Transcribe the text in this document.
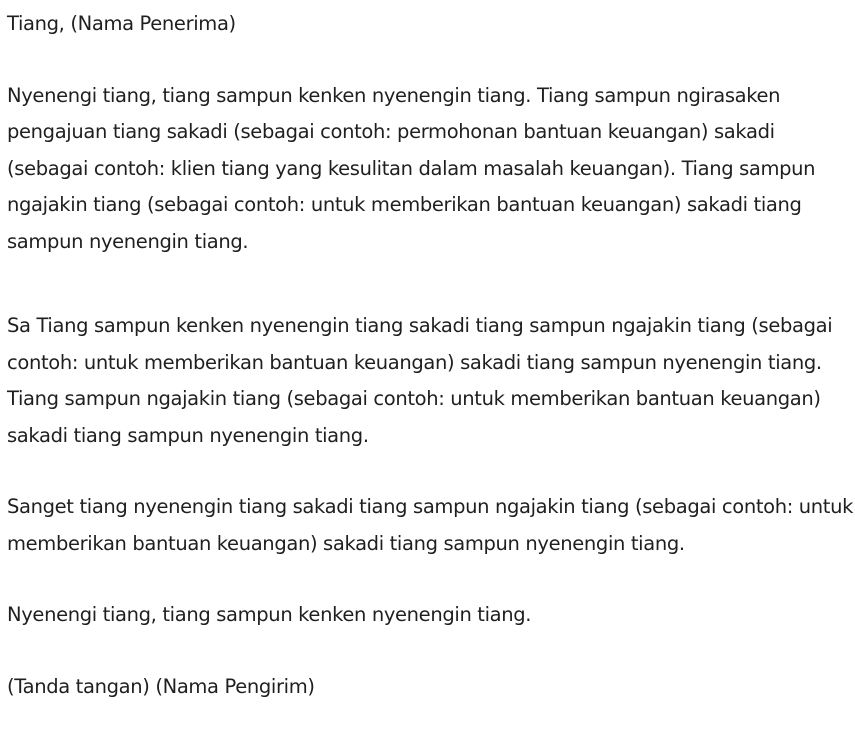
Tiang, (Nama Penerima)

Nyenengi tiang, tiang sampun kenken nyenengin tiang. Tiang sampun ngirasaken pengajuan tiang sakadi (sebagai contoh: permohonan bantuan keuangan) sakadi (sebagai contoh: klien tiang yang kesulitan dalam masalah keuangan). Tiang sampun ngajakin tiang (sebagai contoh: untuk memberikan bantuan keuangan) sakadi tiang sampun nyenengin tiang.

Sa Tiang sampun kenken nyenengin tiang sakadi tiang sampun ngajakin tiang (sebagai contoh: untuk memberikan bantuan keuangan) sakadi tiang sampun nyenengin tiang. Tiang sampun ngajakin tiang (sebagai contoh: untuk memberikan bantuan keuangan) sakadi tiang sampun nyenengin tiang.

Sanget tiang nyenengin tiang sakadi tiang sampun ngajakin tiang (sebagai contoh: untuk memberikan bantuan keuangan) sakadi tiang sampun nyenengin tiang.

Nyenengi tiang, tiang sampun kenken nyenengin tiang.

(Tanda tangan) (Nama Pengirim)
